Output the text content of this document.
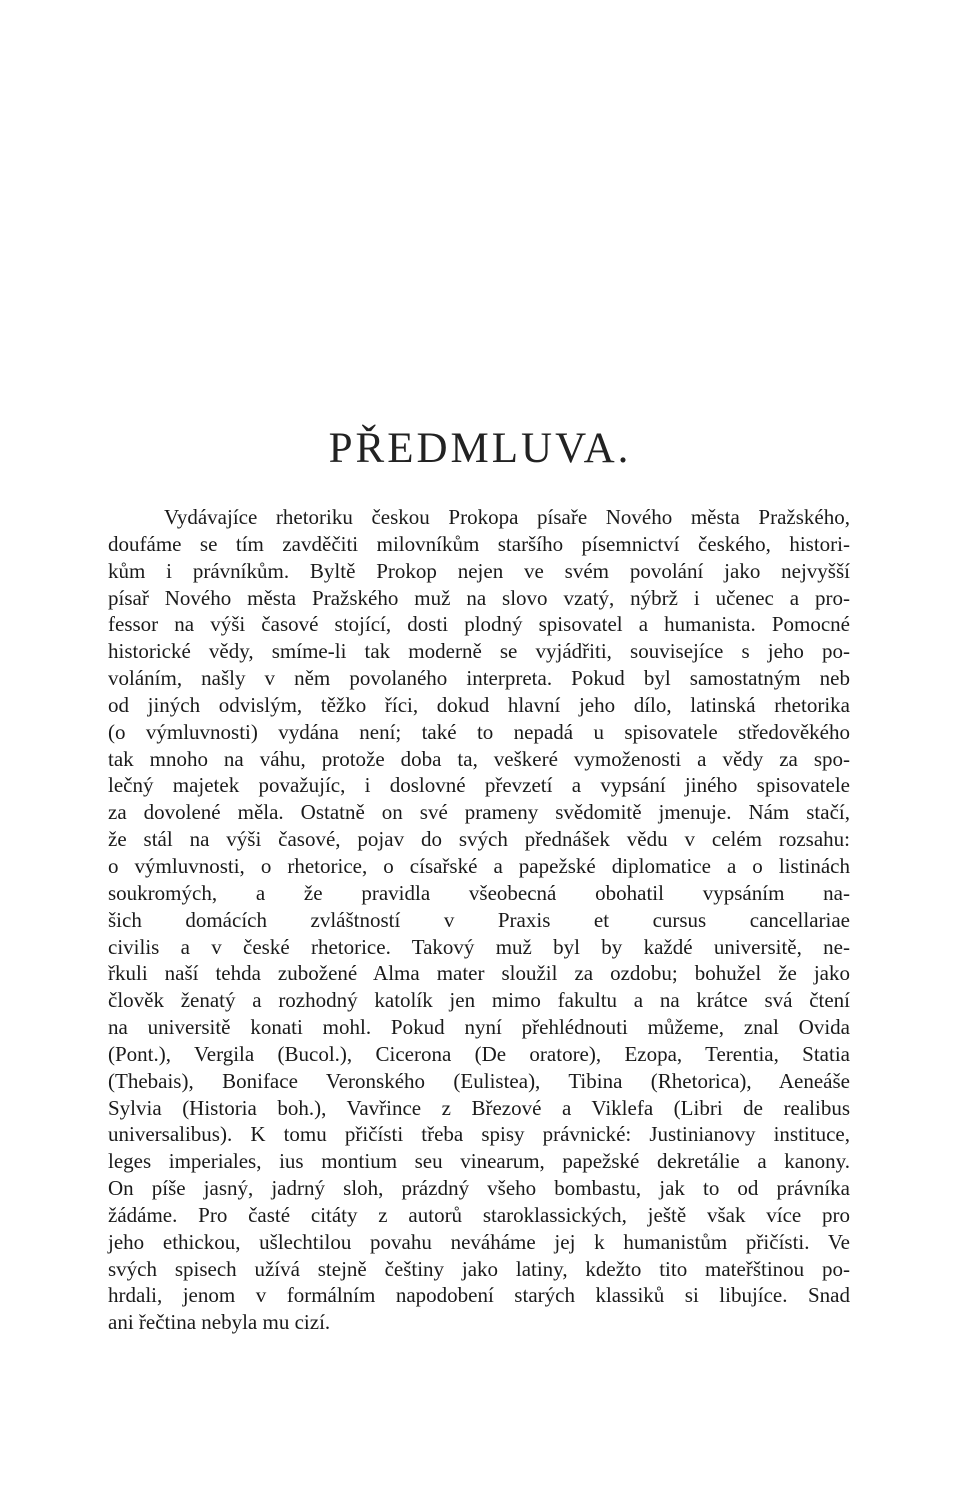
PŘEDMLUVA.
Vydávajíce rhetoriku českou Prokopa písaře Nového města Pražského,
doufáme se tím zavděčiti milovníkům staršího písemnictví českého, histori-
kům i právníkům. Byltě Prokop nejen ve svém povolání jako nejvyšší
písař Nového města Pražského muž na slovo vzatý, nýbrž i učenec a pro-
fessor na výši časové stojící, dosti plodný spisovatel a humanista. Pomocné
historické vědy, smíme-li tak moderně se vyjádřiti, souvisejíce s jeho po-
voláním, našly v něm povolaného interpreta. Pokud byl samostatným neb
od jiných odvislým, těžko říci, dokud hlavní jeho dílo, latinská rhetorika
(o výmluvnosti) vydána není; také to nepadá u spisovatele středověkého
tak mnoho na váhu, protože doba ta, veškeré vymoženosti a vědy za spo-
lečný majetek považujíc, i doslovné převzetí a vypsání jiného spisovatele
za dovolené měla. Ostatně on své prameny svědomitě jmenuje. Nám stačí,
že stál na výši časové, pojav do svých přednášek vědu v celém rozsahu:
o výmluvnosti, o rhetorice, o císařské a papežské diplomatice a o listinách
soukromých, a že pravidla všeobecná obohatil vypsáním na-
šich domácích zvláštností v Praxis et cursus cancellariae
civilis a v české rhetorice. Takový muž byl by každé universitě, ne-
řkuli naší tehda zubožené Alma mater sloužil za ozdobu; bohužel že jako
člověk ženatý a rozhodný katolík jen mimo fakultu a na krátce svá čtení
na universitě konati mohl. Pokud nyní přehlédnouti můžeme, znal Ovida
(Pont.), Vergila (Bucol.), Cicerona (De oratore), Ezopa, Terentia, Statia
(Thebais), Boniface Veronského (Eulistea), Tibina (Rhetorica), Aeneáše
Sylvia (Historia boh.), Vavřince z Březové a Viklefa (Libri de realibus
universalibus). K tomu přičísti třeba spisy právnické: Justinianovy instituce,
leges imperiales, ius montium seu vinearum, papežské dekretálie a kanony.
On píše jasný, jadrný sloh, prázdný všeho bombastu, jak to od právníka
žádáme. Pro časté citáty z autorů staroklassických, ještě však více pro
jeho ethickou, ušlechtilou povahu neváháme jej k humanistům přičísti. Ve
svých spisech užívá stejně češtiny jako latiny, kdežto tito mateřštinou po-
hrdali, jenom v formálním napodobení starých klassiků si libujíce. Snad
ani řečtina nebyla mu cizí.
